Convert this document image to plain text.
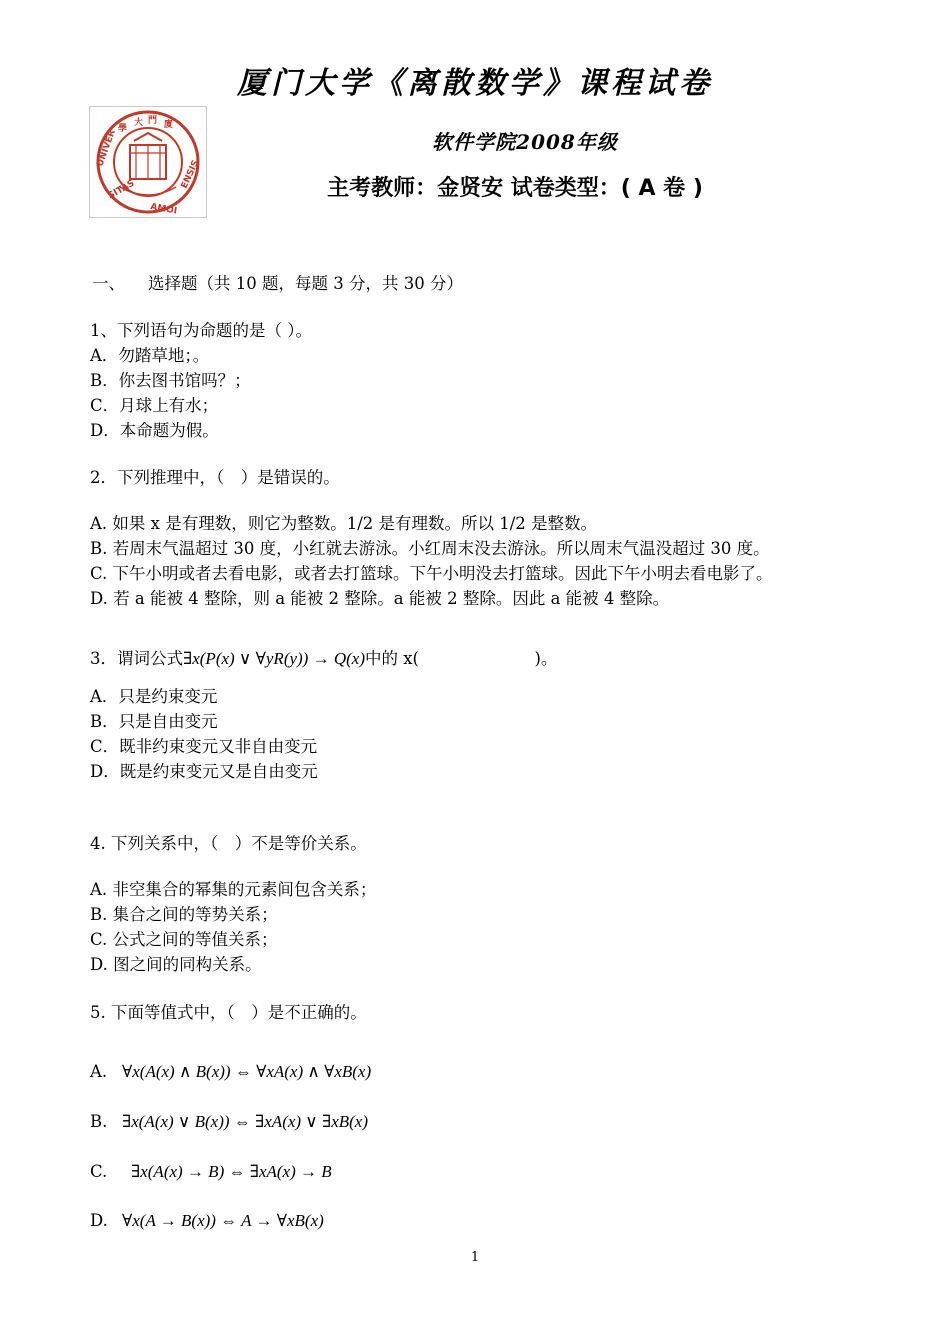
厦门大学《离散数学》课程试卷
大 門 廈
學
UNIVER
SITAS
AMOI
ENSIS
软件学院2008年级
主考教师：金贤安 试卷类型：( A 卷 )
一、 选择题（共 10 题，每题 3 分，共 30 分）
1、下列语句为命题的是（ ）。
A．勿踏草地；。
B．你去图书馆吗？；
C．月球上有水；
D．本命题为假。
2．下列推理中，（　）是错误的。
A. 如果 x 是有理数，则它为整数。1/2 是有理数。所以 1/2 是整数。
B. 若周末气温超过 30 度，小红就去游泳。小红周末没去游泳。所以周末气温没超过 30 度。
C. 下午小明或者去看电影，或者去打篮球。下午小明没去打篮球。因此下午小明去看电影了。
D. 若 a 能被 4 整除，则 a 能被 2 整除。a 能被 2 整除。因此 a 能被 4 整除。
3．谓词公式∃x(P(x) ∨ ∀yR(y)) → Q(x)中的 x(　　　　　　　)。
A．只是约束变元
B．只是自由变元
C．既非约束变元又非自由变元
D．既是约束变元又是自由变元
4. 下列关系中，（　）不是等价关系。
A. 非空集合的幂集的元素间包含关系；
B. 集合之间的等势关系；
C. 公式之间的等值关系；
D. 图之间的同构关系。
5. 下面等值式中，（　）是不正确的。
A. ∀x(A(x) ∧ B(x)) ⇔ ∀xA(x) ∧ ∀xB(x)
B. ∃x(A(x) ∨ B(x)) ⇔ ∃xA(x) ∨ ∃xB(x)
C. ∃x(A(x) → B) ⇔ ∃xA(x) → B
D. ∀x(A → B(x)) ⇔ A → ∀xB(x)
1
